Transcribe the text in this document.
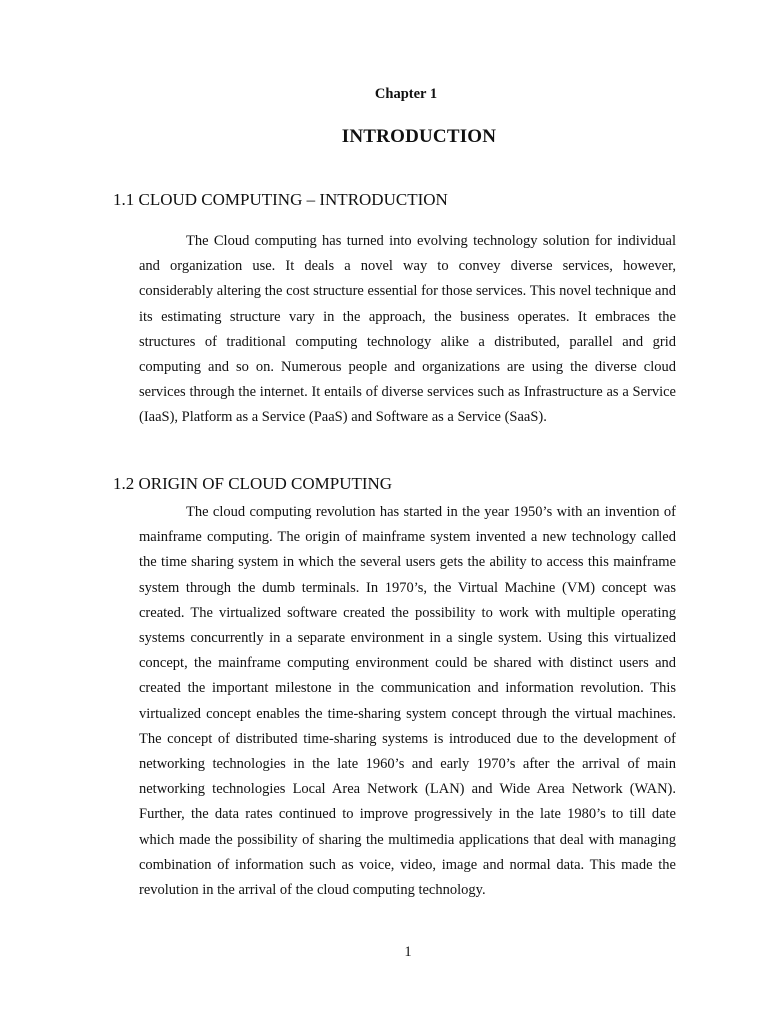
Chapter 1
INTRODUCTION
1.1 CLOUD COMPUTING – INTRODUCTION

The Cloud computing has turned into evolving technology solution for individual and organization use. It deals a novel way to convey diverse services, however, considerably altering the cost structure essential for those services. This novel technique and its estimating structure vary in the approach, the business operates. It embraces the structures of traditional computing technology alike a distributed, parallel and grid computing and so on. Numerous people and organizations are using the diverse cloud services through the internet. It entails of diverse services such as Infrastructure as a Service (IaaS), Platform as a Service (PaaS) and Software as a Service (SaaS).

1.2 ORIGIN OF CLOUD COMPUTING

The cloud computing revolution has started in the year 1950’s with an invention of mainframe computing. The origin of mainframe system invented a new technology called the time sharing system in which the several users gets the ability to access this mainframe system through the dumb terminals. In 1970’s, the Virtual Machine (VM) concept was created. The virtualized software created the possibility to work with multiple operating systems concurrently in a separate environment in a single system. Using this virtualized concept, the mainframe computing environment could be shared with distinct users and created the important milestone in the communication and information revolution. This virtualized concept enables the time-sharing system concept through the virtual machines. The concept of distributed time-sharing systems is introduced due to the development of networking technologies in the late 1960’s and early 1970’s after the arrival of main networking technologies Local Area Network (LAN) and Wide Area Network (WAN). Further, the data rates continued to improve progressively in the late 1980’s to till date which made the possibility of sharing the multimedia applications that deal with managing combination of information such as voice, video, image and normal data. This made the revolution in the arrival of the cloud computing technology.

1
